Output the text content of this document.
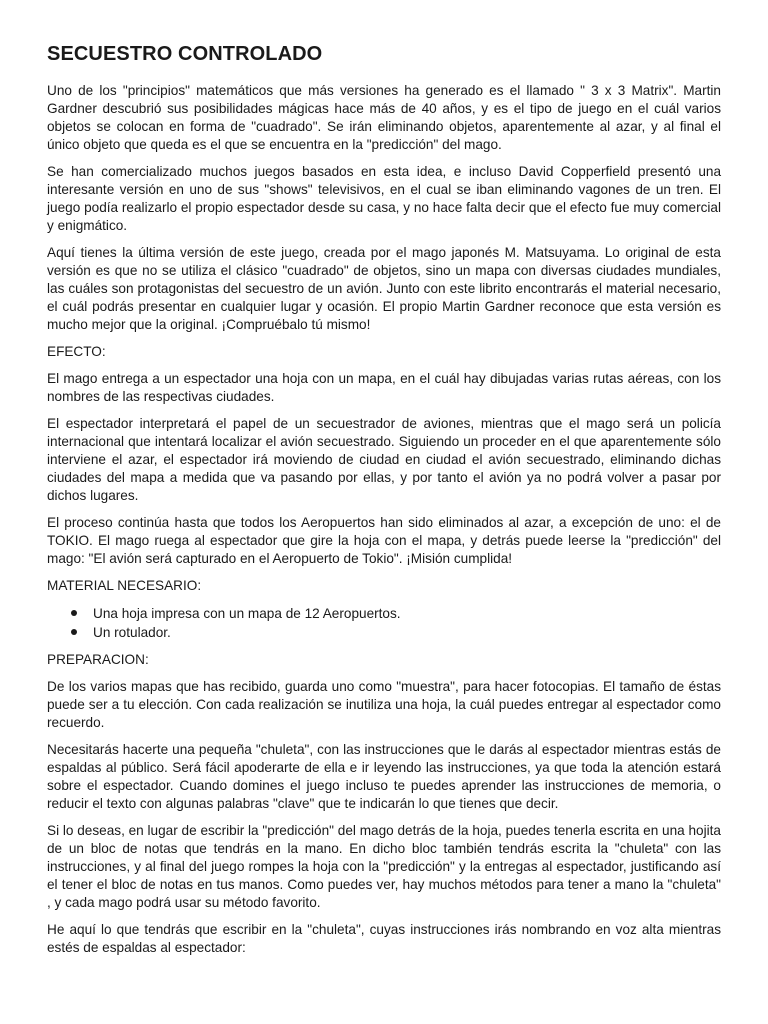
SECUESTRO CONTROLADO

Uno de los "principios" matemáticos que más versiones ha generado es el llamado " 3 x 3 Matrix". Martin Gardner descubrió sus posibilidades mágicas hace más de 40 años, y es el tipo de juego en el cuál varios objetos se colocan en forma de "cuadrado". Se irán eliminando objetos, aparentemente al azar, y al final el único objeto que queda es el que se encuentra en la "predicción" del mago.

Se han comercializado muchos juegos basados en esta idea, e incluso David Copperfield presentó una interesante versión en uno de sus "shows" televisivos, en el cual se iban eliminando vagones de un tren. El juego podía realizarlo el propio espectador desde su casa, y no hace falta decir que el efecto fue muy comercial y enigmático.

Aquí tienes la última versión de este juego, creada por el mago japonés M. Matsuyama. Lo original de esta versión es que no se utiliza el clásico "cuadrado" de objetos, sino un mapa con diversas ciudades mundiales, las cuáles son protagonistas del secuestro de un avión. Junto con este librito encontrarás el material necesario, el cuál podrás presentar en cualquier lugar y ocasión. El propio Martin Gardner reconoce que esta versión es mucho mejor que la original. ¡Compruébalo tú mismo!

EFECTO:

El mago entrega a un espectador una hoja con un mapa, en el cuál hay dibujadas varias rutas aéreas, con los nombres de las respectivas ciudades.

El espectador interpretará el papel de un secuestrador de aviones, mientras que el mago será un policía internacional que intentará localizar el avión secuestrado. Siguiendo un proceder en el que aparentemente sólo interviene el azar, el espectador irá moviendo de ciudad en ciudad el avión secuestrado, eliminando dichas ciudades del mapa a medida que va pasando por ellas, y por tanto el avión ya no podrá volver a pasar por dichos lugares.

El proceso continúa hasta que todos los Aeropuertos han sido eliminados al azar, a excepción de uno: el de TOKIO. El mago ruega al espectador que gire la hoja con el mapa, y detrás puede leerse la "predicción" del mago: "El avión será capturado en el Aeropuerto de Tokio". ¡Misión cumplida!

MATERIAL NECESARIO:
Una hoja impresa con un mapa de 12 Aeropuertos.
Un rotulador.
PREPARACION:

De los varios mapas que has recibido, guarda uno como "muestra", para hacer fotocopias. El tamaño de éstas puede ser a tu elección. Con cada realización se inutiliza una hoja, la cuál puedes entregar al espectador como recuerdo.

Necesitarás hacerte una pequeña "chuleta", con las instrucciones que le darás al espectador mientras estás de espaldas al público. Será fácil apoderarte de ella e ir leyendo las instrucciones, ya que toda la atención estará sobre el espectador. Cuando domines el juego incluso te puedes aprender las instrucciones de memoria, o reducir el texto con algunas palabras "clave" que te indicarán lo que tienes que decir.

Si lo deseas, en lugar de escribir la "predicción" del mago detrás de la hoja, puedes tenerla escrita en una hojita de un bloc de notas que tendrás en la mano. En dicho bloc también tendrás escrita la "chuleta" con las instrucciones, y al final del juego rompes la hoja con la "predicción" y la entregas al espectador, justificando así el tener el bloc de notas en tus manos. Como puedes ver, hay muchos métodos para tener a mano la "chuleta" , y cada mago podrá usar su método favorito.

He aquí lo que tendrás que escribir en la "chuleta", cuyas instrucciones irás nombrando en voz alta mientras estés de espaldas al espectador:
